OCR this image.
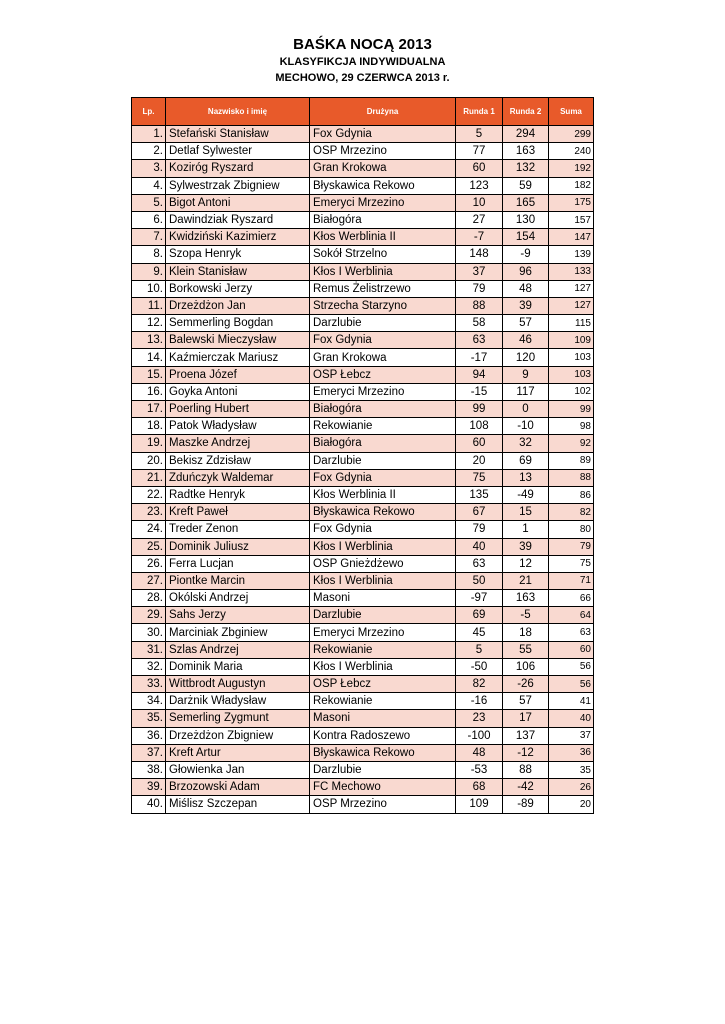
BAŚKA NOCĄ 2013

KLASYFIKCJA INDYWIDUALNA

MECHOWO, 29 CZERWCA 2013 r.

Lp.	Nazwisko i imię	Drużyna	Runda 1	Runda 2	Suma
1.	Stefański Stanisław	Fox Gdynia	5	294	299
2.	Detlaf Sylwester	OSP Mrzezino	77	163	240
3.	Koziróg Ryszard	Gran Krokowa	60	132	192
4.	Sylwestrzak Zbigniew	Błyskawica Rekowo	123	59	182
5.	Bigot Antoni	Emeryci Mrzezino	10	165	175
6.	Dawindziak Ryszard	Białogóra	27	130	157
7.	Kwidziński Kazimierz	Kłos Werblinia II	-7	154	147
8.	Szopa Henryk	Sokół Strzelno	148	-9	139
9.	Klein Stanisław	Kłos I Werblinia	37	96	133
10.	Borkowski Jerzy	Remus Żelistrzewo	79	48	127
11.	Drzeżdżon Jan	Strzecha Starzyno	88	39	127
12.	Semmerling Bogdan	Darzlubie	58	57	115
13.	Balewski Mieczysław	Fox Gdynia	63	46	109
14.	Kaźmierczak Mariusz	Gran Krokowa	-17	120	103
15.	Proena Józef	OSP Łebcz	94	9	103
16.	Goyka Antoni	Emeryci Mrzezino	-15	117	102
17.	Poerling Hubert	Białogóra	99	0	99
18.	Patok Władysław	Rekowianie	108	-10	98
19.	Maszke Andrzej	Białogóra	60	32	92
20.	Bekisz Zdzisław	Darzlubie	20	69	89
21.	Zduńczyk Waldemar	Fox Gdynia	75	13	88
22.	Radtke Henryk	Kłos Werblinia II	135	-49	86
23.	Kreft Paweł	Błyskawica Rekowo	67	15	82
24.	Treder Zenon	Fox Gdynia	79	1	80
25.	Dominik Juliusz	Kłos I Werblinia	40	39	79
26.	Ferra Lucjan	OSP Gnieżdżewo	63	12	75
27.	Piontke Marcin	Kłos I Werblinia	50	21	71
28.	Okólski Andrzej	Masoni	-97	163	66
29.	Sahs Jerzy	Darzlubie	69	-5	64
30.	Marciniak Zbginiew	Emeryci Mrzezino	45	18	63
31.	Szlas Andrzej	Rekowianie	5	55	60
32.	Dominik Maria	Kłos I Werblinia	-50	106	56
33.	Wittbrodt Augustyn	OSP Łebcz	82	-26	56
34.	Darżnik Władysław	Rekowianie	-16	57	41
35.	Semerling Zygmunt	Masoni	23	17	40
36.	Drzeżdżon Zbigniew	Kontra Radoszewo	-100	137	37
37.	Kreft Artur	Błyskawica Rekowo	48	-12	36
38.	Głowienka Jan	Darzlubie	-53	88	35
39.	Brzozowski Adam	FC Mechowo	68	-42	26
40.	Miślisz Szczepan	OSP Mrzezino	109	-89	20
